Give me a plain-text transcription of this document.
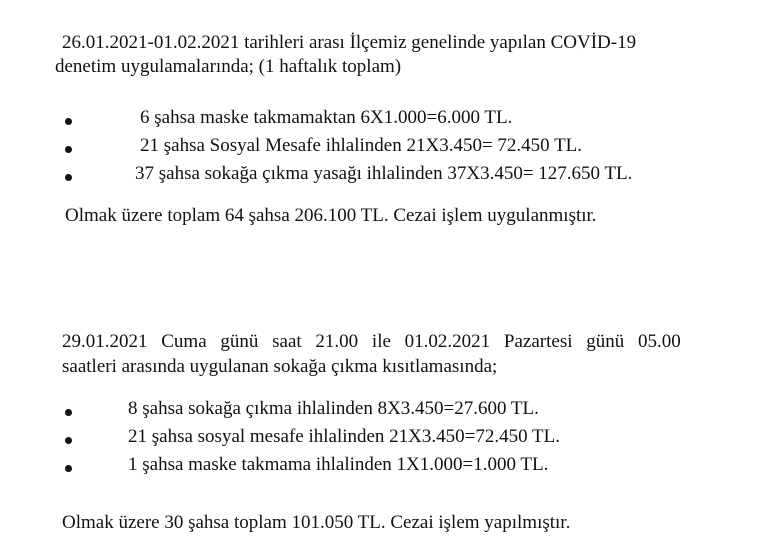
26.01.2021-01.02.2021 tarihleri arası İlçemiz genelinde yapılan COVİD-19
denetim uygulamalarında; (1 haftalık toplam)
6 şahsa maske takmamaktan 6X1.000=6.000 TL.
21 şahsa Sosyal Mesafe ihlalinden 21X3.450= 72.450 TL.
37 şahsa sokağa çıkma yasağı ihlalinden 37X3.450= 127.650 TL.
Olmak üzere toplam 64 şahsa 206.100 TL. Cezai işlem uygulanmıştır.
29.01.2021 Cuma günü saat 21.00 ile 01.02.2021 Pazartesi günü 05.00
saatleri arasında uygulanan sokağa çıkma kısıtlamasında;
8 şahsa sokağa çıkma ihlalinden 8X3.450=27.600 TL.
21 şahsa sosyal mesafe ihlalinden 21X3.450=72.450 TL.
1 şahsa maske takmama ihlalinden 1X1.000=1.000 TL.
Olmak üzere 30 şahsa toplam 101.050 TL. Cezai işlem yapılmıştır.
